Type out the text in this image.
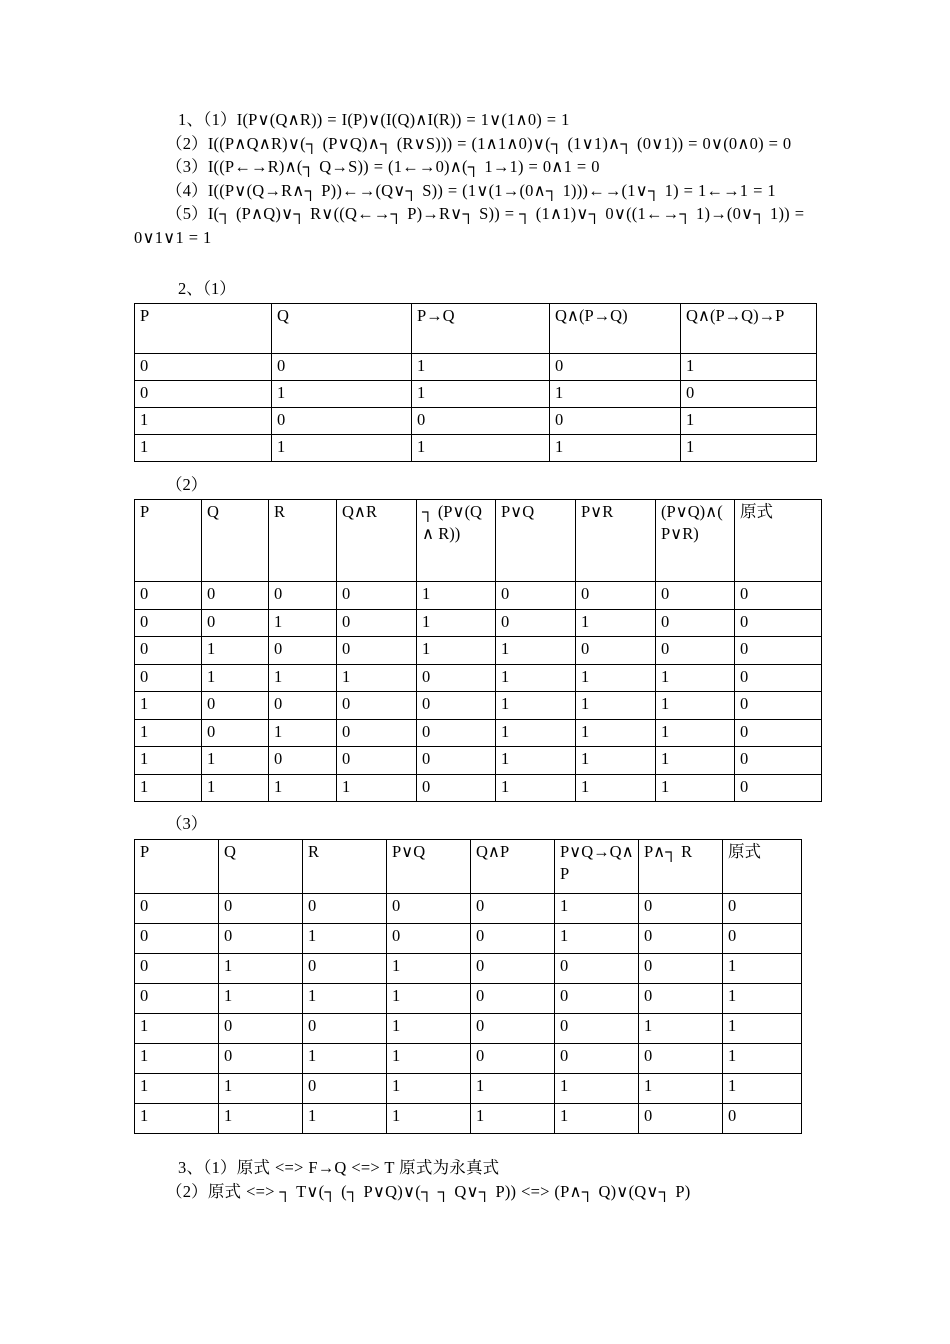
1、（1）I(P∨(Q∧R)) = I(P)∨(I(Q)∧I(R)) = 1∨(1∧0) = 1

（2）I((P∧Q∧R)∨(┐ (P∨Q)∧┐ (R∨S))) = (1∧1∧0)∨(┐ (1∨1)∧┐ (0∨1)) = 0∨(0∧0) = 0

（3）I((P←→R)∧(┐ Q→S)) = (1←→0)∧(┐ 1→1) = 0∧1 = 0

（4）I((P∨(Q→R∧┐ P))←→(Q∨┐ S)) = (1∨(1→(0∧┐ 1)))←→(1∨┐ 1) = 1←→1 = 1

（5）I(┐ (P∧Q)∨┐ R∨((Q←→┐ P)→R∨┐ S)) = ┐ (1∧1)∨┐ 0∨((1←→┐ 1)→(0∨┐ 1)) = 0∨1∨1 = 1

2、（1）
P	Q	P→Q	Q∧(P→Q)	Q∧(P→Q)→P
0	0	1	0	1
0	1	1	1	0
1	0	0	0	1
1	1	1	1	1
（2）
P	Q	R	Q∧R	┐ (P∨(Q ∧ R))	P∨Q	P∨R	(P∨Q)∧(P∨R)	原式
0	0	0	0	1	0	0	0	0
0	0	1	0	1	0	1	0	0
0	1	0	0	1	1	0	0	0
0	1	1	1	0	1	1	1	0
1	0	0	0	0	1	1	1	0
1	0	1	0	0	1	1	1	0
1	1	0	0	0	1	1	1	0
1	1	1	1	0	1	1	1	0
（3）
P	Q	R	P∨Q	Q∧P	P∨Q→Q∧P	P∧┐ R	原式
0	0	0	0	0	1	0	0
0	0	1	0	0	1	0	0
0	1	0	1	0	0	0	1
0	1	1	1	0	0	0	1
1	0	0	1	0	0	1	1
1	0	1	1	0	0	0	1
1	1	0	1	1	1	1	1
1	1	1	1	1	1	0	0

3、（1）原式 <=> F→Q <=> T 原式为永真式

（2）原式 <=> ┐ T∨(┐ (┐ P∨Q)∨(┐ ┐ Q∨┐ P)) <=> (P∧┐ Q)∨(Q∨┐ P)
